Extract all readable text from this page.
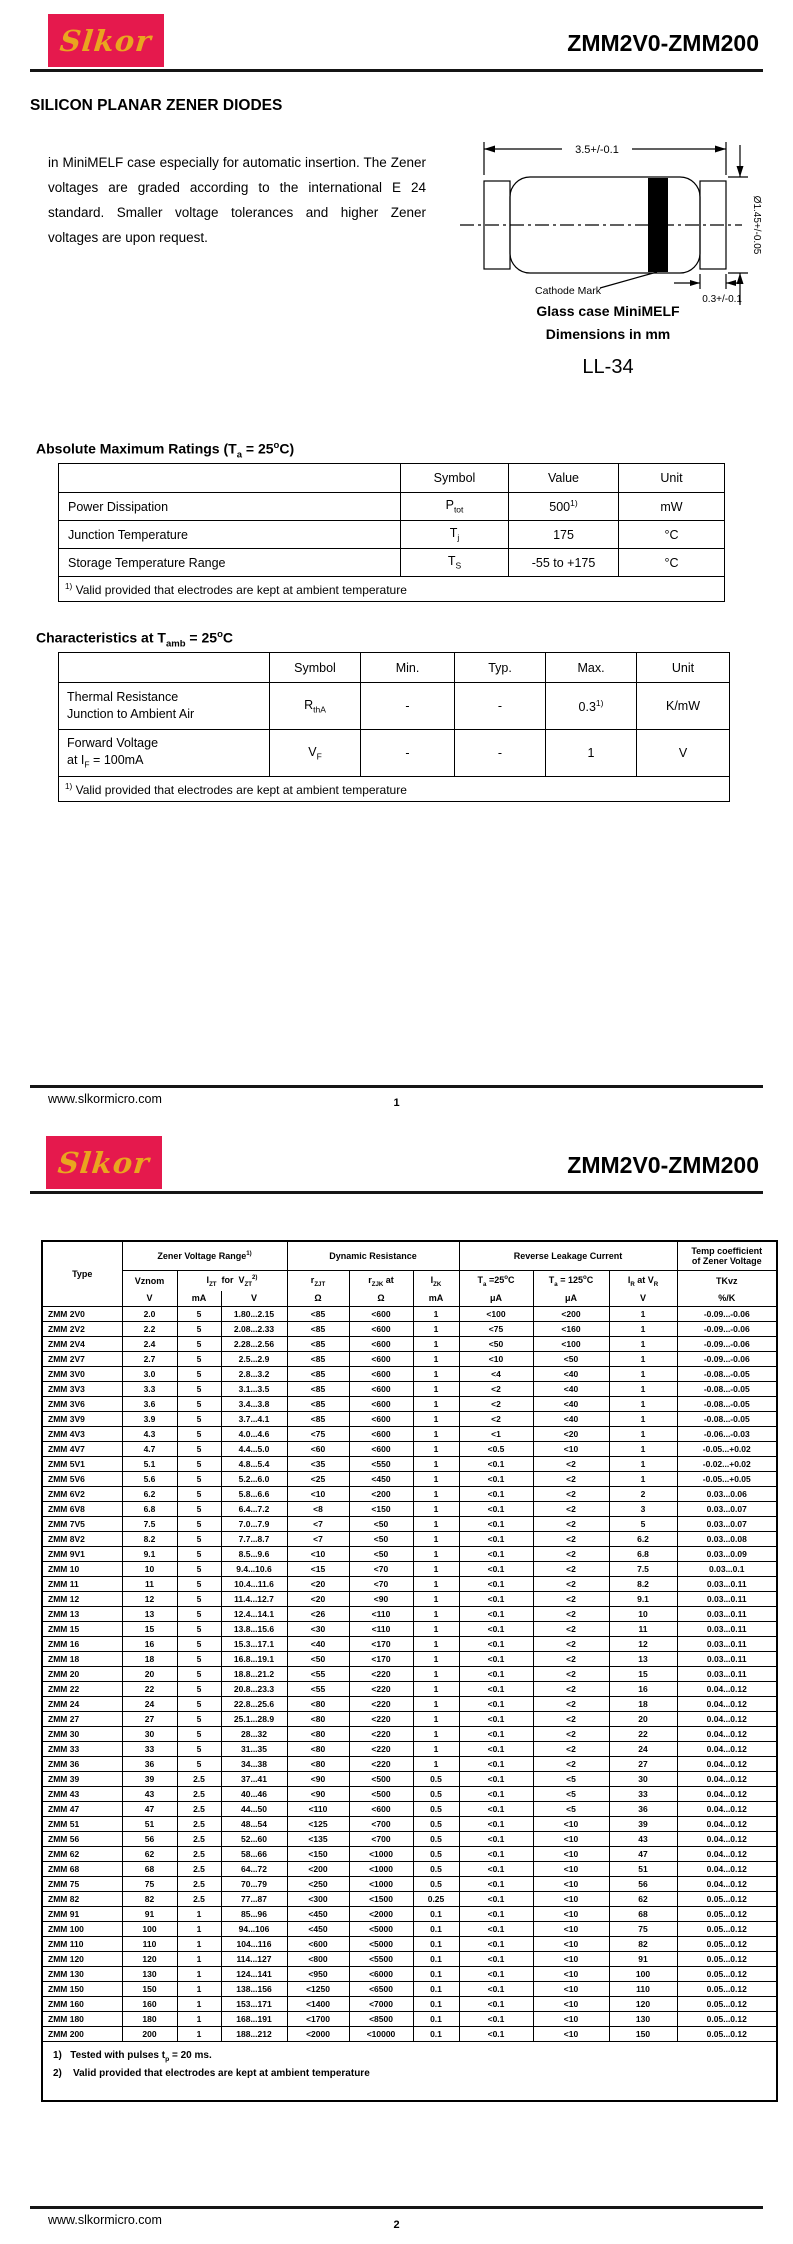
Slkor	ZMM2V0-ZMM200
SILICON PLANAR ZENER DIODES
in MiniMELF case especially for automatic insertion. The Zener voltages are graded according to the international E 24 standard. Smaller voltage tolerances and higher Zener voltages are upon request.
3.5+/-0.1
Ø1.45+/-0.05
0.3+/-0.1
Cathode Mark
Glass case MiniMELF
Dimensions in mm
LL-34
Absolute Maximum Ratings $(T_a = 25^oC)$
	Symbol	Value	Unit
Power Dissipation	$P_{tot}$	500$^{1)}$	mW
Junction Temperature	$T_j$	175	°C
Storage Temperature Range	$T_S$	-55 to +175	°C
$^{1)}$ Valid provided that electrodes are kept at ambient temperature			
Characteristics at $T_{amb} = 25^oC$
	Symbol	Min.	Typ.	Max.	Unit
Thermal Resistance
Junction to Ambient Air	$R_{thA}$	-	-	0.3$^{1)}$	K/mW
Forward Voltage
at $I_F = 100mA$	$V_F$	-	-	1	V
$^{1)}$ Valid provided that electrodes are kept at ambient temperature					
www.slkormicro.com	1
Slkor	ZMM2V0-ZMM200
Type	Zener Voltage Range$^{1)}$			Dynamic Resistance			Reverse Leakage Current			Temp coefficient
of Zener Voltage
	Vznom	$I_{ZT}$  for  $V_{ZT}^{2)}$		$r_{ZJT}$	$r_{ZJK}$ at	$I_{ZK}$	$T_a =25^oC$	$T_a = 125^oC$	$I_R$ at $V_R$	TKvz
	V	mA	V	Ω	Ω	mA	μA	μA	V	%/K
ZMM 2V0	2.0	5	1.80...2.15	<85	<600	1	<100	<200	1	-0.09...-0.06
ZMM 2V2	2.2	5	2.08...2.33	<85	<600	1	<75	<160	1	-0.09...-0.06
ZMM 2V4	2.4	5	2.28...2.56	<85	<600	1	<50	<100	1	-0.09...-0.06
ZMM 2V7	2.7	5	2.5...2.9	<85	<600	1	<10	<50	1	-0.09...-0.06
ZMM 3V0	3.0	5	2.8...3.2	<85	<600	1	<4	<40	1	-0.08...-0.05
ZMM 3V3	3.3	5	3.1...3.5	<85	<600	1	<2	<40	1	-0.08...-0.05
ZMM 3V6	3.6	5	3.4...3.8	<85	<600	1	<2	<40	1	-0.08...-0.05
ZMM 3V9	3.9	5	3.7...4.1	<85	<600	1	<2	<40	1	-0.08...-0.05
ZMM 4V3	4.3	5	4.0...4.6	<75	<600	1	<1	<20	1	-0.06...-0.03
ZMM 4V7	4.7	5	4.4...5.0	<60	<600	1	<0.5	<10	1	-0.05...+0.02
ZMM 5V1	5.1	5	4.8...5.4	<35	<550	1	<0.1	<2	1	-0.02...+0.02
ZMM 5V6	5.6	5	5.2...6.0	<25	<450	1	<0.1	<2	1	-0.05...+0.05
ZMM 6V2	6.2	5	5.8...6.6	<10	<200	1	<0.1	<2	2	0.03...0.06
ZMM 6V8	6.8	5	6.4...7.2	<8	<150	1	<0.1	<2	3	0.03...0.07
ZMM 7V5	7.5	5	7.0...7.9	<7	<50	1	<0.1	<2	5	0.03...0.07
ZMM 8V2	8.2	5	7.7...8.7	<7	<50	1	<0.1	<2	6.2	0.03...0.08
ZMM 9V1	9.1	5	8.5...9.6	<10	<50	1	<0.1	<2	6.8	0.03...0.09
ZMM 10	10	5	9.4...10.6	<15	<70	1	<0.1	<2	7.5	0.03...0.1
ZMM 11	11	5	10.4...11.6	<20	<70	1	<0.1	<2	8.2	0.03...0.11
ZMM 12	12	5	11.4...12.7	<20	<90	1	<0.1	<2	9.1	0.03...0.11
ZMM 13	13	5	12.4...14.1	<26	<110	1	<0.1	<2	10	0.03...0.11
ZMM 15	15	5	13.8...15.6	<30	<110	1	<0.1	<2	11	0.03...0.11
ZMM 16	16	5	15.3...17.1	<40	<170	1	<0.1	<2	12	0.03...0.11
ZMM 18	18	5	16.8...19.1	<50	<170	1	<0.1	<2	13	0.03...0.11
ZMM 20	20	5	18.8...21.2	<55	<220	1	<0.1	<2	15	0.03...0.11
ZMM 22	22	5	20.8...23.3	<55	<220	1	<0.1	<2	16	0.04...0.12
ZMM 24	24	5	22.8...25.6	<80	<220	1	<0.1	<2	18	0.04...0.12
ZMM 27	27	5	25.1...28.9	<80	<220	1	<0.1	<2	20	0.04...0.12
ZMM 30	30	5	28...32	<80	<220	1	<0.1	<2	22	0.04...0.12
ZMM 33	33	5	31...35	<80	<220	1	<0.1	<2	24	0.04...0.12
ZMM 36	36	5	34...38	<80	<220	1	<0.1	<2	27	0.04...0.12
ZMM 39	39	2.5	37...41	<90	<500	0.5	<0.1	<5	30	0.04...0.12
ZMM 43	43	2.5	40...46	<90	<500	0.5	<0.1	<5	33	0.04...0.12
ZMM 47	47	2.5	44...50	<110	<600	0.5	<0.1	<5	36	0.04...0.12
ZMM 51	51	2.5	48...54	<125	<700	0.5	<0.1	<10	39	0.04...0.12
ZMM 56	56	2.5	52...60	<135	<700	0.5	<0.1	<10	43	0.04...0.12
ZMM 62	62	2.5	58...66	<150	<1000	0.5	<0.1	<10	47	0.04...0.12
ZMM 68	68	2.5	64...72	<200	<1000	0.5	<0.1	<10	51	0.04...0.12
ZMM 75	75	2.5	70...79	<250	<1000	0.5	<0.1	<10	56	0.04...0.12
ZMM 82	82	2.5	77...87	<300	<1500	0.25	<0.1	<10	62	0.05...0.12
ZMM 91	91	1	85...96	<450	<2000	0.1	<0.1	<10	68	0.05...0.12
ZMM 100	100	1	94...106	<450	<5000	0.1	<0.1	<10	75	0.05...0.12
ZMM 110	110	1	104...116	<600	<5000	0.1	<0.1	<10	82	0.05...0.12
ZMM 120	120	1	114...127	<800	<5500	0.1	<0.1	<10	91	0.05...0.12
ZMM 130	130	1	124...141	<950	<6000	0.1	<0.1	<10	100	0.05...0.12
ZMM 150	150	1	138...156	<1250	<6500	0.1	<0.1	<10	110	0.05...0.12
ZMM 160	160	1	153...171	<1400	<7000	0.1	<0.1	<10	120	0.05...0.12
ZMM 180	180	1	168...191	<1700	<8500	0.1	<0.1	<10	130	0.05...0.12
ZMM 200	200	1	188...212	<2000	<10000	0.1	<0.1	<10	150	0.05...0.12

1)   Tested with pulses $t_p = 20$ ms.
2)    Valid provided that electrodes are kept at ambient temperature										
www.slkormicro.com	2
